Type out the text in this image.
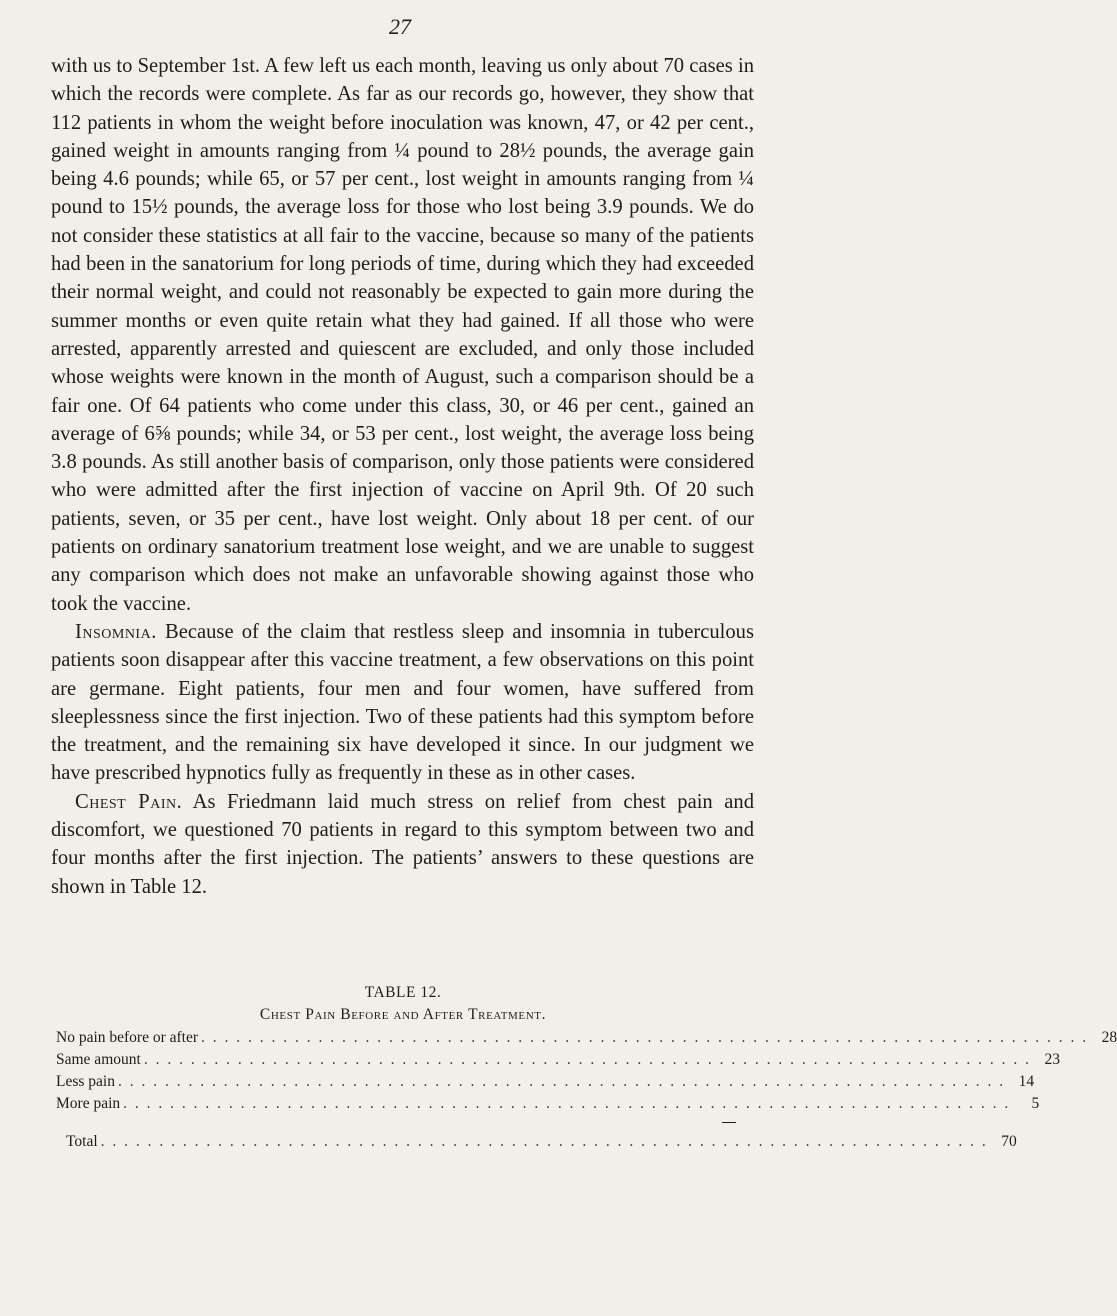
27

with us to September 1st. A few left us each month, leaving us only about 70 cases in which the records were complete. As far as our records go, however, they show that 112 patients in whom the weight before inoculation was known, 47, or 42 per cent., gained weight in amounts ranging from ¼ pound to 28½ pounds, the average gain being 4.6 pounds; while 65, or 57 per cent., lost weight in amounts ranging from ¼ pound to 15½ pounds, the average loss for those who lost being 3.9 pounds. We do not consider these statistics at all fair to the vaccine, because so many of the patients had been in the sanatorium for long periods of time, during which they had exceeded their normal weight, and could not reasonably be expected to gain more during the summer months or even quite retain what they had gained. If all those who were arrested, apparently arrested and quiescent are excluded, and only those included whose weights were known in the month of August, such a comparison should be a fair one. Of 64 patients who come under this class, 30, or 46 per cent., gained an average of 6⅝ pounds; while 34, or 53 per cent., lost weight, the average loss being 3.8 pounds. As still another basis of comparison, only those patients were considered who were admitted after the first injection of vaccine on April 9th. Of 20 such patients, seven, or 35 per cent., have lost weight. Only about 18 per cent. of our patients on ordinary sanatorium treatment lose weight, and we are unable to suggest any comparison which does not make an unfavorable showing against those who took the vaccine.

Insomnia. Because of the claim that restless sleep and insomnia in tuberculous patients soon disappear after this vaccine treatment, a few observations on this point are germane. Eight patients, four men and four women, have suffered from sleeplessness since the first injection. Two of these patients had this symptom before the treatment, and the remaining six have developed it since. In our judgment we have prescribed hypnotics fully as frequently in these as in other cases.

Chest Pain. As Friedmann laid much stress on relief from chest pain and discomfort, we questioned 70 patients in regard to this symptom between two and four months after the first injection. The patients’ answers to these questions are shown in Table 12.

TABLE 12.
Chest Pain Before and After Treatment.
No pain before or after . . . . . . . . . . . . . . . . . . . . . . . . . . . . . . . . . . . . . . . . . . . . . . . . . . . . . . . . . . . . . . . . . . . . . . . . . . . . 28
Same amount . . . . . . . . . . . . . . . . . . . . . . . . . . . . . . . . . . . . . . . . . . . . . . . . . . . . . . . . . . . . . . . . . . . . . . . . . . . . 23
Less pain . . . . . . . . . . . . . . . . . . . . . . . . . . . . . . . . . . . . . . . . . . . . . . . . . . . . . . . . . . . . . . . . . . . . . . . . . . . . 14
More pain . . . . . . . . . . . . . . . . . . . . . . . . . . . . . . . . . . . . . . . . . . . . . . . . . . . . . . . . . . . . . . . . . . . . . . . . . . . .	5
Total . . . . . . . . . . . . . . . . . . . . . . . . . . . . . . . . . . . . . . . . . . . . . . . . . . . . . . . . . . . . . . . . . . . . . . . . . . . . 70
